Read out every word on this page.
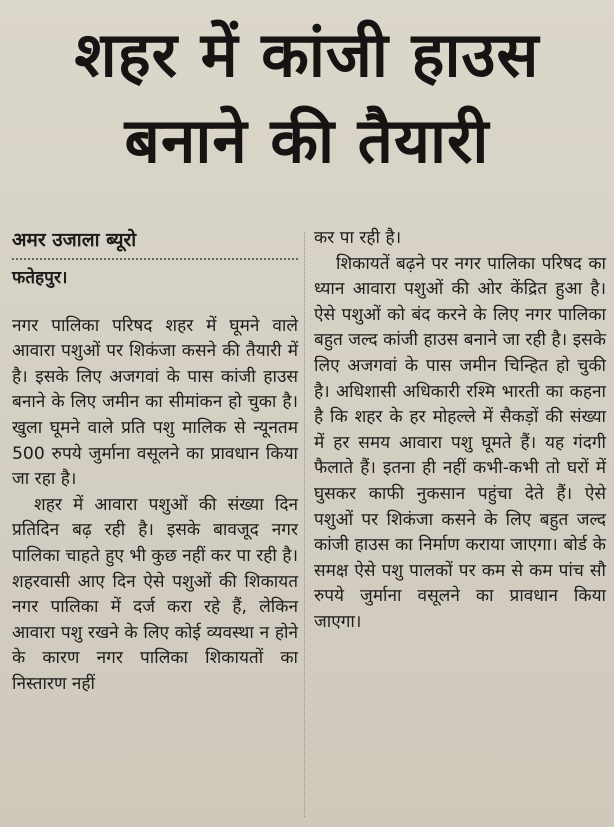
शहर में कांजी हाउस
बनाने की तैयारी
अमर उजाला ब्यूरो
फतेहपुर।

नगर पालिका परिषद शहर में घूमने वाले आवारा पशुओं पर शिकंजा कसने की तैयारी में है। इसके लिए अजगवां के पास कांजी हाउस बनाने के लिए जमीन का सीमांकन हो चुका है। खुला घूमने वाले प्रति पशु मालिक से न्यूनतम 500 रुपये जुर्माना वसूलने का प्रावधान किया जा रहा है।

शहर में आवारा पशुओं की संख्या दिन प्रतिदिन बढ़ रही है। इसके बावजूद नगर पालिका चाहते हुए भी कुछ नहीं कर पा रही है। शहरवासी आए दिन ऐसे पशुओं की शिकायत नगर पालिका में दर्ज करा रहे हैं, लेकिन आवारा पशु रखने के लिए कोई व्यवस्था न होने के कारण नगर पालिका शिकायतों का निस्तारण नहीं

कर पा रही है।

शिकायतें बढ़ने पर नगर पालिका परिषद का ध्यान आवारा पशुओं की ओर केंद्रित हुआ है। ऐसे पशुओं को बंद करने के लिए नगर पालिका बहुत जल्द कांजी हाउस बनाने जा रही है। इसके लिए अजगवां के पास जमीन चिन्हित हो चुकी है। अधिशासी अधिकारी रश्मि भारती का कहना है कि शहर के हर मोहल्ले में सैकड़ों की संख्या में हर समय आवारा पशु घूमते हैं। यह गंदगी फैलाते हैं। इतना ही नहीं कभी-कभी तो घरों में घुसकर काफी नुकसान पहुंचा देते हैं। ऐसे पशुओं पर शिकंजा कसने के लिए बहुत जल्द कांजी हाउस का निर्माण कराया जाएगा। बोर्ड के समक्ष ऐसे पशु पालकों पर कम से कम पांच सौ रुपये जुर्माना वसूलने का प्रावधान किया जाएगा।
